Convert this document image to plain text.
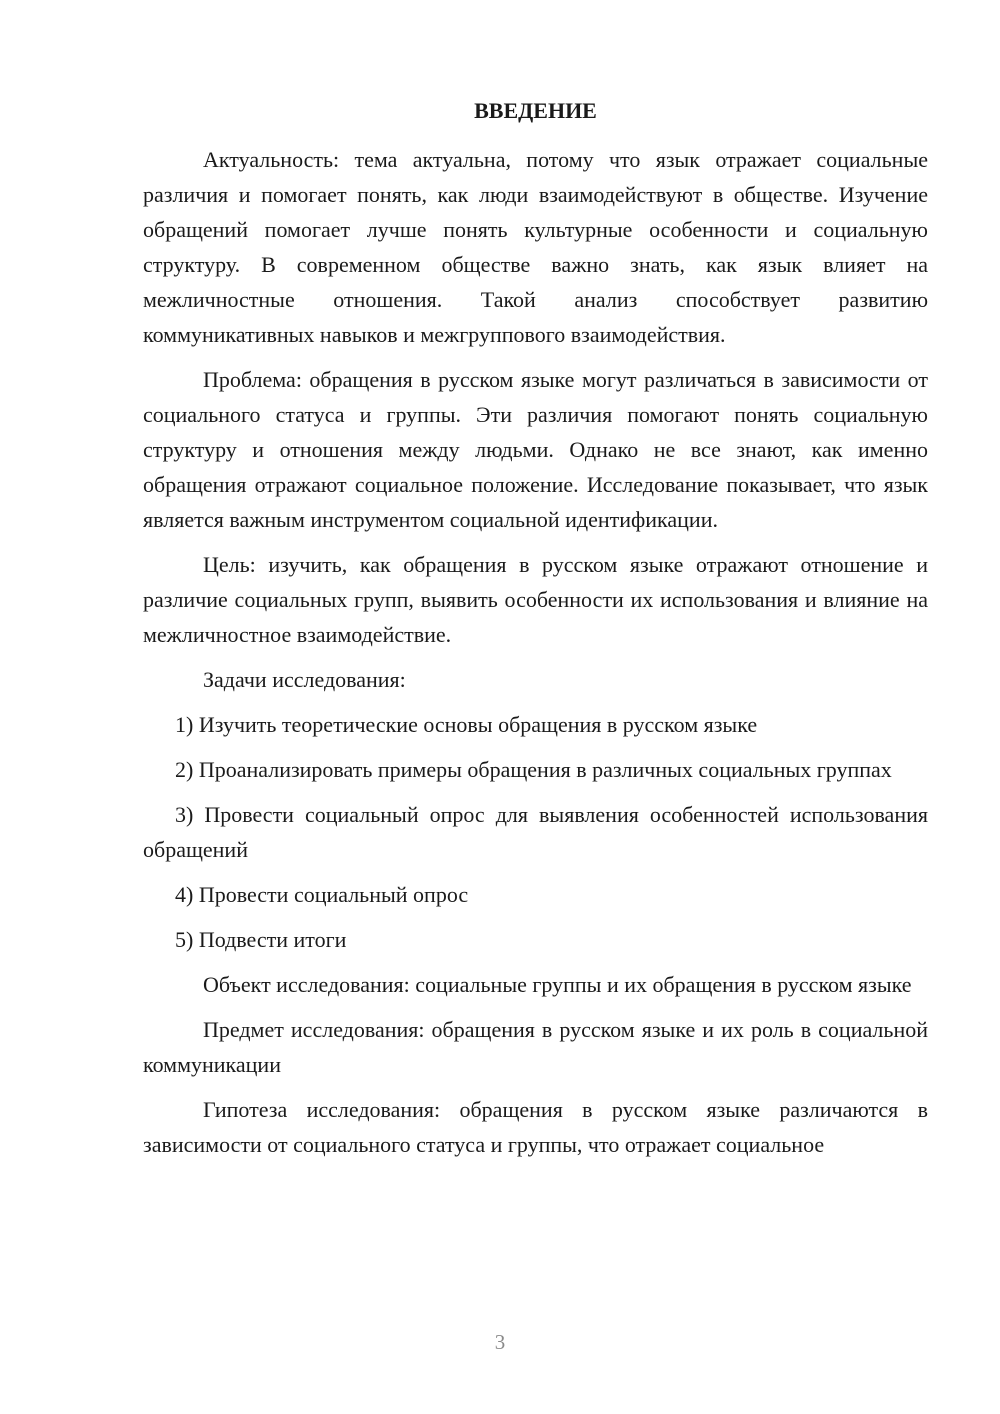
ВВЕДЕНИЕ

Актуальность: тема актуальна, потому что язык отражает социальные различия и помогает понять, как люди взаимодействуют в обществе. Изучение обращений помогает лучше понять культурные особенности и социальную структуру. В современном обществе важно знать, как язык влияет на межличностные отношения. Такой анализ способствует развитию коммуникативных навыков и межгруппового взаимодействия.

Проблема: обращения в русском языке могут различаться в зависимости от социального статуса и группы. Эти различия помогают понять социальную структуру и отношения между людьми. Однако не все знают, как именно обращения отражают социальное положение. Исследование показывает, что язык является важным инструментом социальной идентификации.

Цель: изучить, как обращения в русском языке отражают отношение и различие социальных групп, выявить особенности их использования и влияние на межличностное взаимодействие.

Задачи исследования:

1) Изучить теоретические основы обращения в русском языке

2) Проанализировать примеры обращения в различных социальных группах

3) Провести социальный опрос для выявления особенностей использования обращений

4) Провести социальный опрос

5) Подвести итоги

Объект исследования: социальные группы и их обращения в русском языке

Предмет исследования: обращения в русском языке и их роль в социальной коммуникации

Гипотеза исследования: обращения в русском языке различаются в зависимости от социального статуса и группы, что отражает социальное

3
